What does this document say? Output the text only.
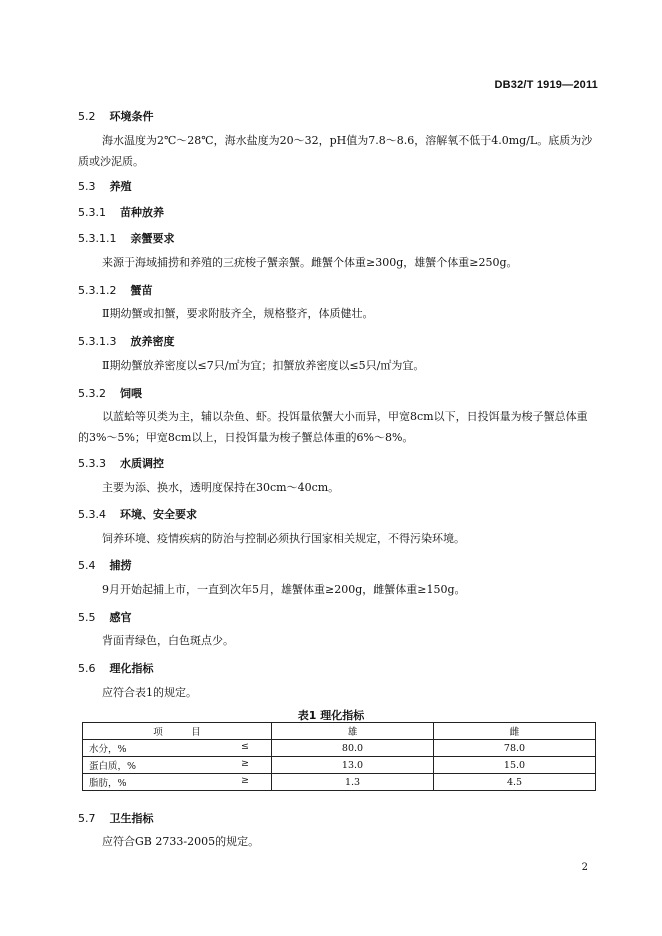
DB32/T 1919—2011
5.2 环境条件
海水温度为2℃～28℃，海水盐度为20～32，pH值为7.8～8.6，溶解氧不低于4.0mg/L。底质为沙质或沙泥质。
5.3 养殖
5.3.1 苗种放养
5.3.1.1 亲蟹要求
来源于海域捕捞和养殖的三疣梭子蟹亲蟹。雌蟹个体重≥300g，雄蟹个体重≥250g。
5.3.1.2 蟹苗
Ⅱ期幼蟹或扣蟹，要求附肢齐全，规格整齐，体质健壮。
5.3.1.3 放养密度
Ⅱ期幼蟹放养密度以≤7只/㎡为宜；扣蟹放养密度以≤5只/㎡为宜。
5.3.2 饲喂
以蓝蛤等贝类为主，辅以杂鱼、虾。投饵量依蟹大小而异，甲宽8cm以下，日投饵量为梭子蟹总体重的3%～5%；甲宽8cm以上，日投饵量为梭子蟹总体重的6%～8%。
5.3.3 水质调控
主要为添、换水，透明度保持在30cm～40cm。
5.3.4 环境、安全要求
饲养环境、疫情疾病的防治与控制必须执行国家相关规定，不得污染环境。
5.4 捕捞
9月开始起捕上市，一直到次年5月，雄蟹体重≥200g，雌蟹体重≥150g。
5.5 感官
背面青绿色，白色斑点少。
5.6 理化指标
应符合表1的规定。
表1 理化指标
项　　　目	雄	雌

水分，% ≤	80.0	78.0

蛋白质，% ≥	13.0	15.0

脂肪，% ≥	1.3	4.5
5.7 卫生指标
应符合GB 2733-2005的规定。
2
